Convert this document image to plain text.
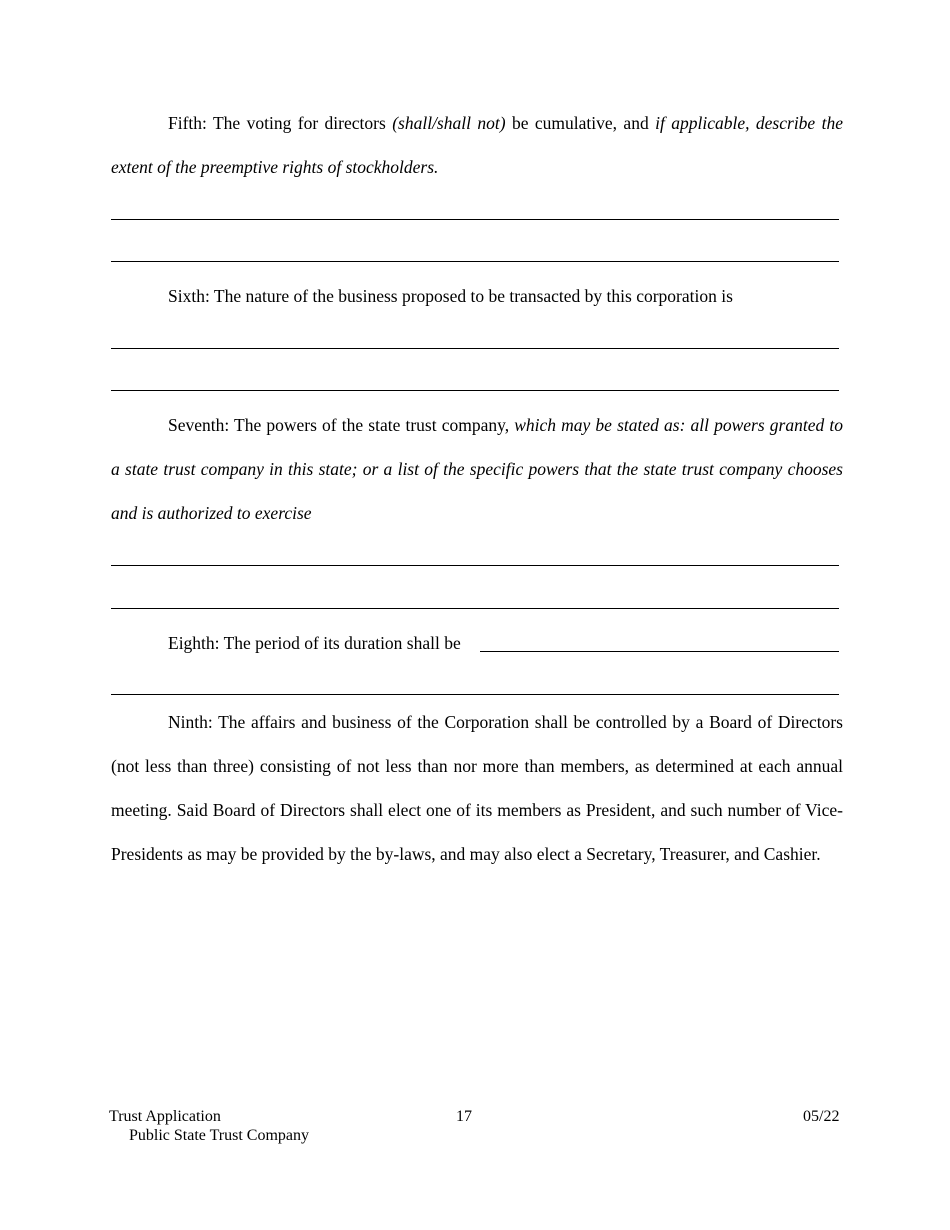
Fifth: The voting for directors (shall/shall not) be cumulative, and if applicable, describe the extent of the preemptive rights of stockholders.

Sixth: The nature of the business proposed to be transacted by this corporation is

Seventh: The powers of the state trust company, which may be stated as: all powers granted to a state trust company in this state; or a list of the specific powers that the state trust company chooses and is authorized to exercise

Eighth: The period of its duration shall be

Ninth: The affairs and business of the Corporation shall be controlled by a Board of Directors (not less than three) consisting of not less than nor more than members, as determined at each annual meeting. Said Board of Directors shall elect one of its members as President, and such number of Vice-Presidents as may be provided by the by-laws, and may also elect a Secretary, Treasurer, and Cashier.

Trust Application
Public State Trust Company
17	05/22
